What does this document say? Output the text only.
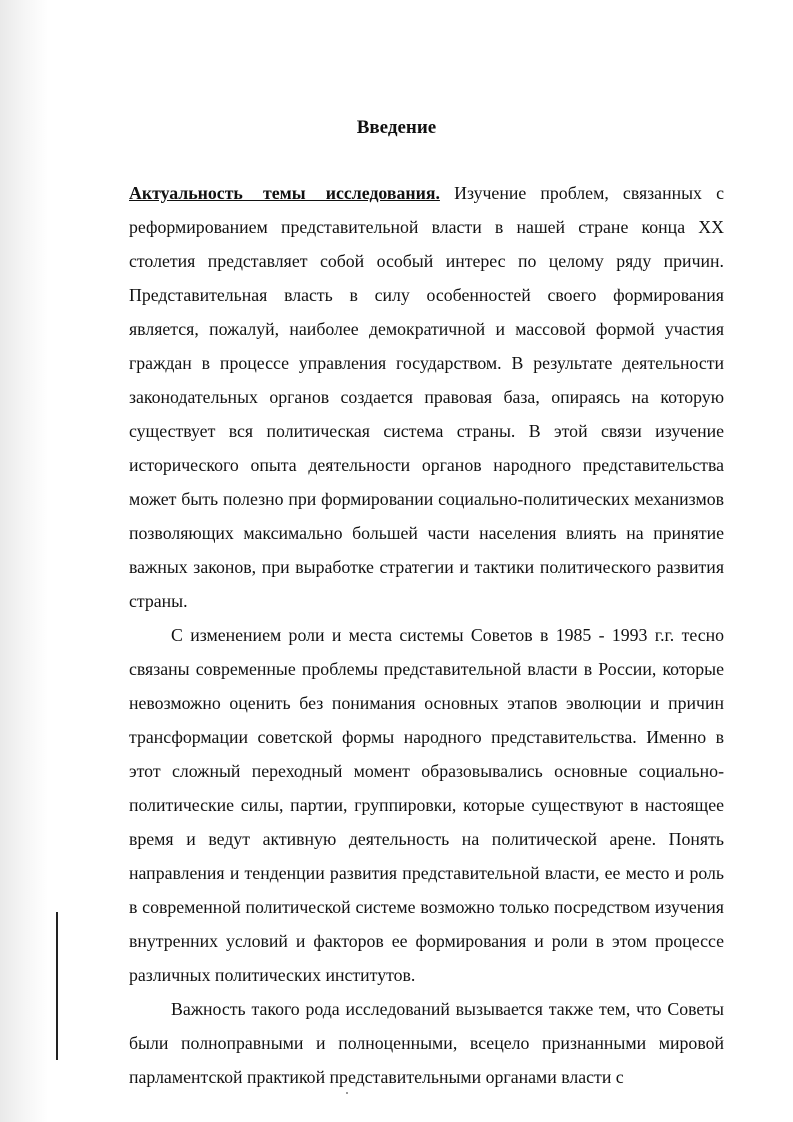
Введение

Актуальность темы исследования. Изучение проблем, связанных с реформированием представительной власти в нашей стране конца XX столетия представляет собой особый интерес по целому ряду причин. Представительная власть в силу особенностей своего формирования является, пожалуй, наиболее демократичной и массовой формой участия граждан в процессе управления государством. В результате деятельности законодательных органов создается правовая база, опираясь на которую существует вся политическая система страны. В этой связи изучение исторического опыта деятельности органов народного представительства может быть полезно при формировании социально-политических механизмов позволяющих максимально большей части населения влиять на принятие важных законов, при выработке стратегии и тактики политического развития страны.

С изменением роли и места системы Советов в 1985 - 1993 г.г. тесно связаны современные проблемы представительной власти в России, которые невозможно оценить без понимания основных этапов эволюции и причин трансформации советской формы народного представительства. Именно в этот сложный переходный момент образовывались основные социально-политические силы, партии, группировки, которые существуют в настоящее время и ведут активную деятельность на политической арене. Понять направления и тенденции развития представительной власти, ее место и роль в современной политической системе возможно только посредством изучения внутренних условий и факторов ее формирования и роли в этом процессе различных политических институтов.

Важность такого рода исследований вызывается также тем, что Советы были полноправными и полноценными, всецело признанными мировой парламентской практикой представительными органами власти с
